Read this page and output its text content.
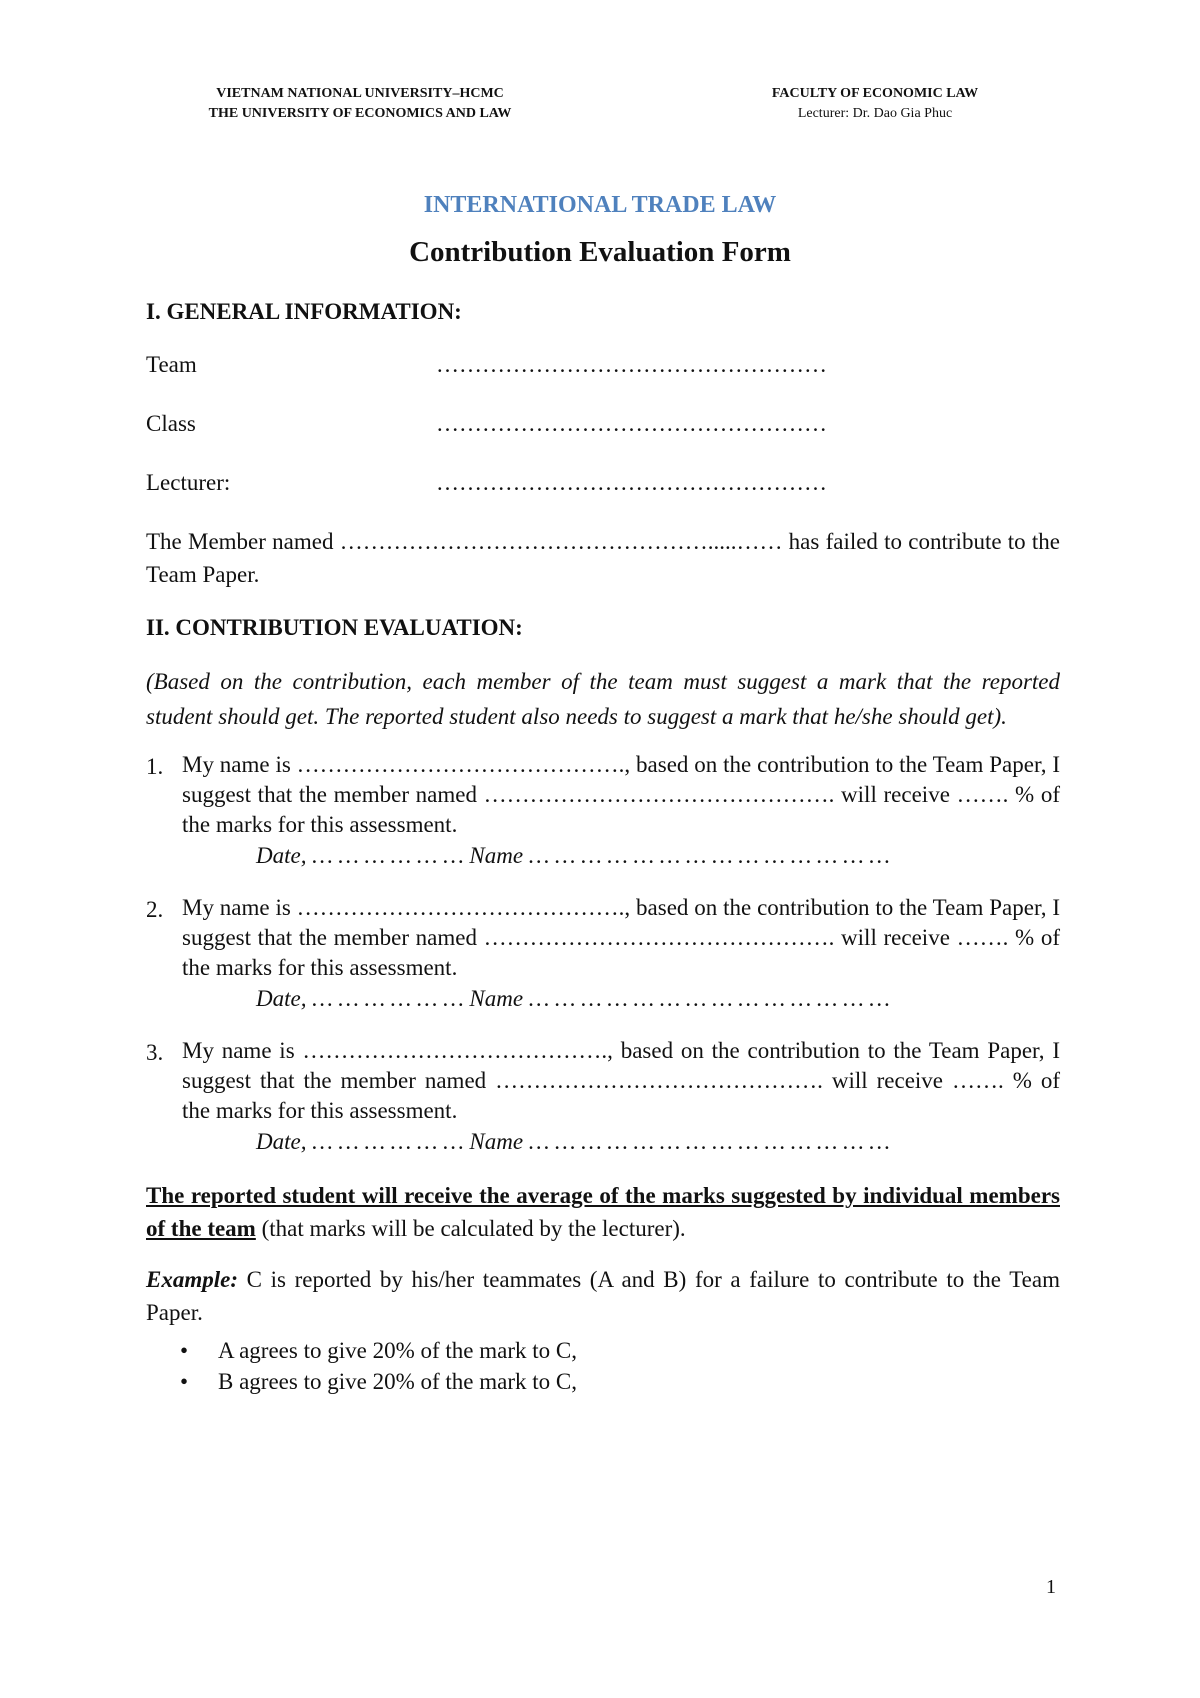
VIETNAM NATIONAL UNIVERSITY–HCMC
THE UNIVERSITY OF ECONOMICS AND LAW
FACULTY OF ECONOMIC LAW
Lecturer: Dr. Dao Gia Phuc
INTERNATIONAL TRADE LAW
Contribution Evaluation Form
I. GENERAL INFORMATION:
Team	……………………………………………
Class	……………………………………………
Lecturer:	……………………………………………

The Member named ………………………………………….....…… has failed to contribute to the Team Paper.

II. CONTRIBUTION EVALUATION:

(Based on the contribution, each member of the team must suggest a mark that the reported student should get. The reported student also needs to suggest a mark that he/she should get).

1. My name is ……………………………………., based on the contribution to the Team Paper, I suggest that the member named ………………………………………. will receive ……. % of the marks for this assessment.

Date, … … … … … … Name … … … … … … … … … … … … … …
2. My name is ……………………………………., based on the contribution to the Team Paper, I suggest that the member named ………………………………………. will receive ……. % of the marks for this assessment.

Date, … … … … … … Name … … … … … … … … … … … … … …
3. My name is …………………………………., based on the contribution to the Team Paper, I suggest that the member named ……………………………………. will receive ……. % of the marks for this assessment.

Date, … … … … … … Name … … … … … … … … … … … … … …

The reported student will receive the average of the marks suggested by individual members of the team (that marks will be calculated by the lecturer).

Example: C is reported by his/her teammates (A and B) for a failure to contribute to the Team Paper.

• A agrees to give 20% of the mark to C,
• B agrees to give 20% of the mark to C,
1
